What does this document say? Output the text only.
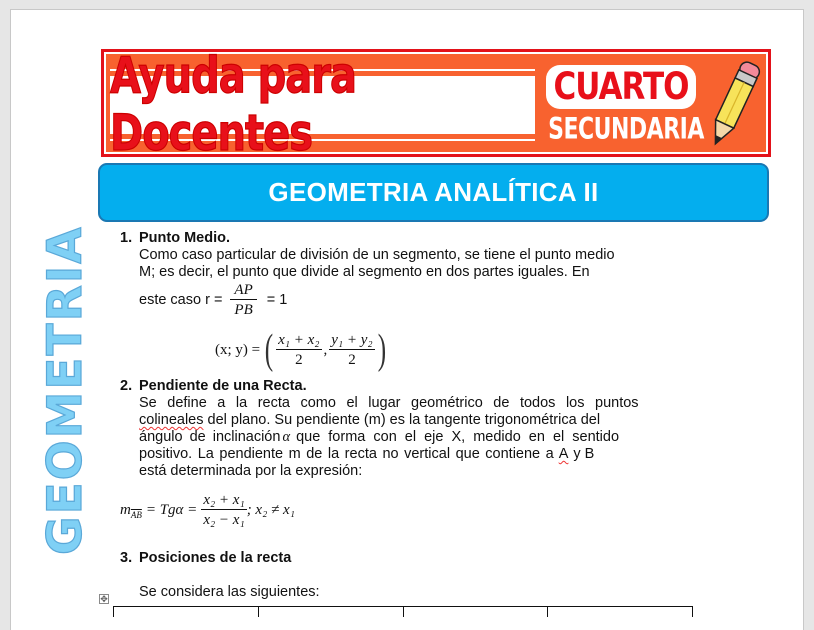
Ayuda para Docentes
CUARTO
SECUNDARIA
GEOMETRIA ANALÍTICA II
GEOMETRIA 1. Punto Medio.
Como caso particular de división de un segmento, se tiene el punto medio
M; es decir, el punto que divide al segmento en dos partes iguales. En
este caso $r = \frac{AP}{PB} = 1$
(x; y) = ( $\frac{\text{x₁ + x₂}}{2}$ , $\frac{\text{y₁ + y₂}}{2}$ )
2. Pendiente de una Recta.
Se define a la recta como el lugar geométrico de todos los puntos
colineales del plano. Su pendiente (m) es la tangente trigonométrica del
ángulo de inclinación α que forma con el eje X, medido en el sentido
positivo. La pendiente m de la recta no vertical que contiene a A y B
está determinada por la expresión:
m $\overline{AB} = Tg\alpha = \frac{\text{x₂ + x₁}}{\text{x₂ − x₁}}$ ; x₂ ≠ x₁
3. Posiciones de la recta
Se considera las siguientes:
✥
